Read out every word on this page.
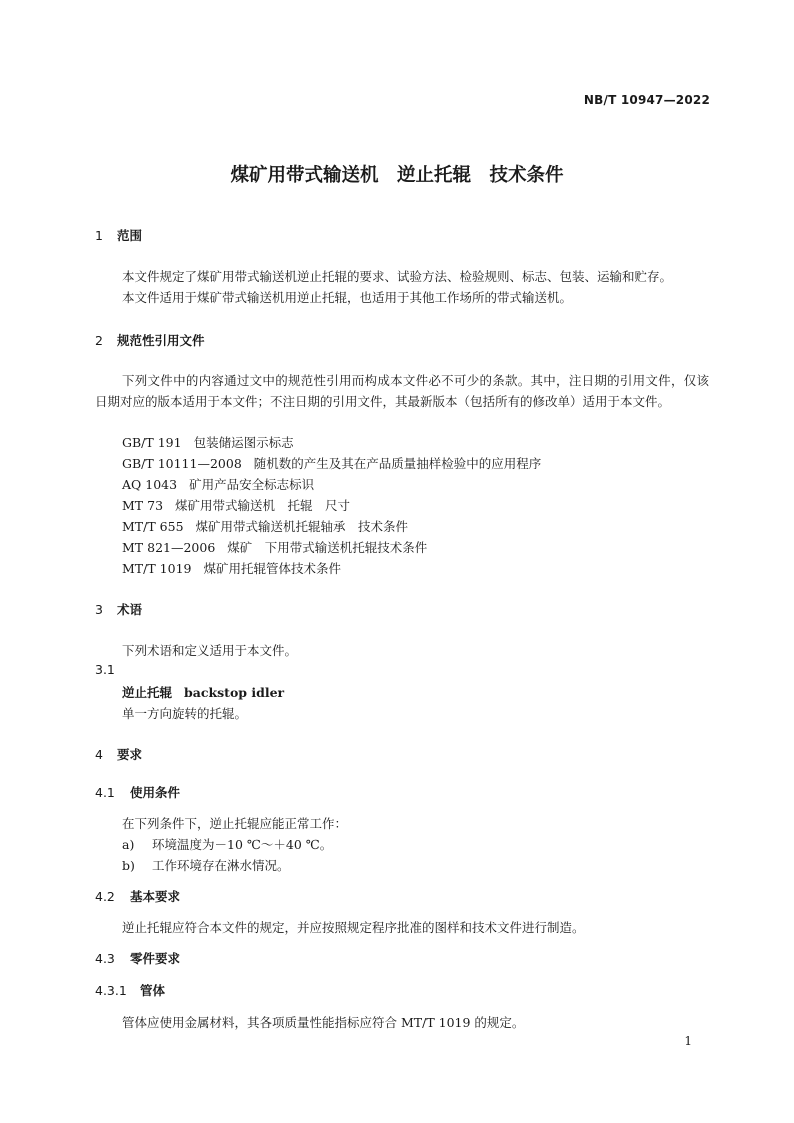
NB/T 10947—2022
煤矿用带式输送机　逆止托辊　技术条件
1 范围
本文件规定了煤矿用带式输送机逆止托辊的要求、试验方法、检验规则、标志、包装、运输和贮存。
本文件适用于煤矿带式输送机用逆止托辊，也适用于其他工作场所的带式输送机。
2 规范性引用文件
下列文件中的内容通过文中的规范性引用而构成本文件必不可少的条款。其中，注日期的引用文件，仅该日期对应的版本适用于本文件；不注日期的引用文件，其最新版本（包括所有的修改单）适用于本文件。
GB/T 191 包装储运图示标志
GB/T 10111—2008 随机数的产生及其在产品质量抽样检验中的应用程序
AQ 1043 矿用产品安全标志标识
MT 73 煤矿用带式输送机　托辊　尺寸
MT/T 655 煤矿用带式输送机托辊轴承　技术条件
MT 821—2006 煤矿　下用带式输送机托辊技术条件
MT/T 1019 煤矿用托辊管体技术条件
3 术语
下列术语和定义适用于本文件。
3.1
逆止托辊 backstop idler
单一方向旋转的托辊。
4 要求
4.1 使用条件
在下列条件下，逆止托辊应能正常工作：
a) 环境温度为－10 ℃～＋40 ℃。
b) 工作环境存在淋水情况。
4.2 基本要求
逆止托辊应符合本文件的规定，并应按照规定程序批准的图样和技术文件进行制造。
4.3 零件要求
4.3.1 管体
管体应使用金属材料，其各项质量性能指标应符合 MT/T 1019 的规定。
1
